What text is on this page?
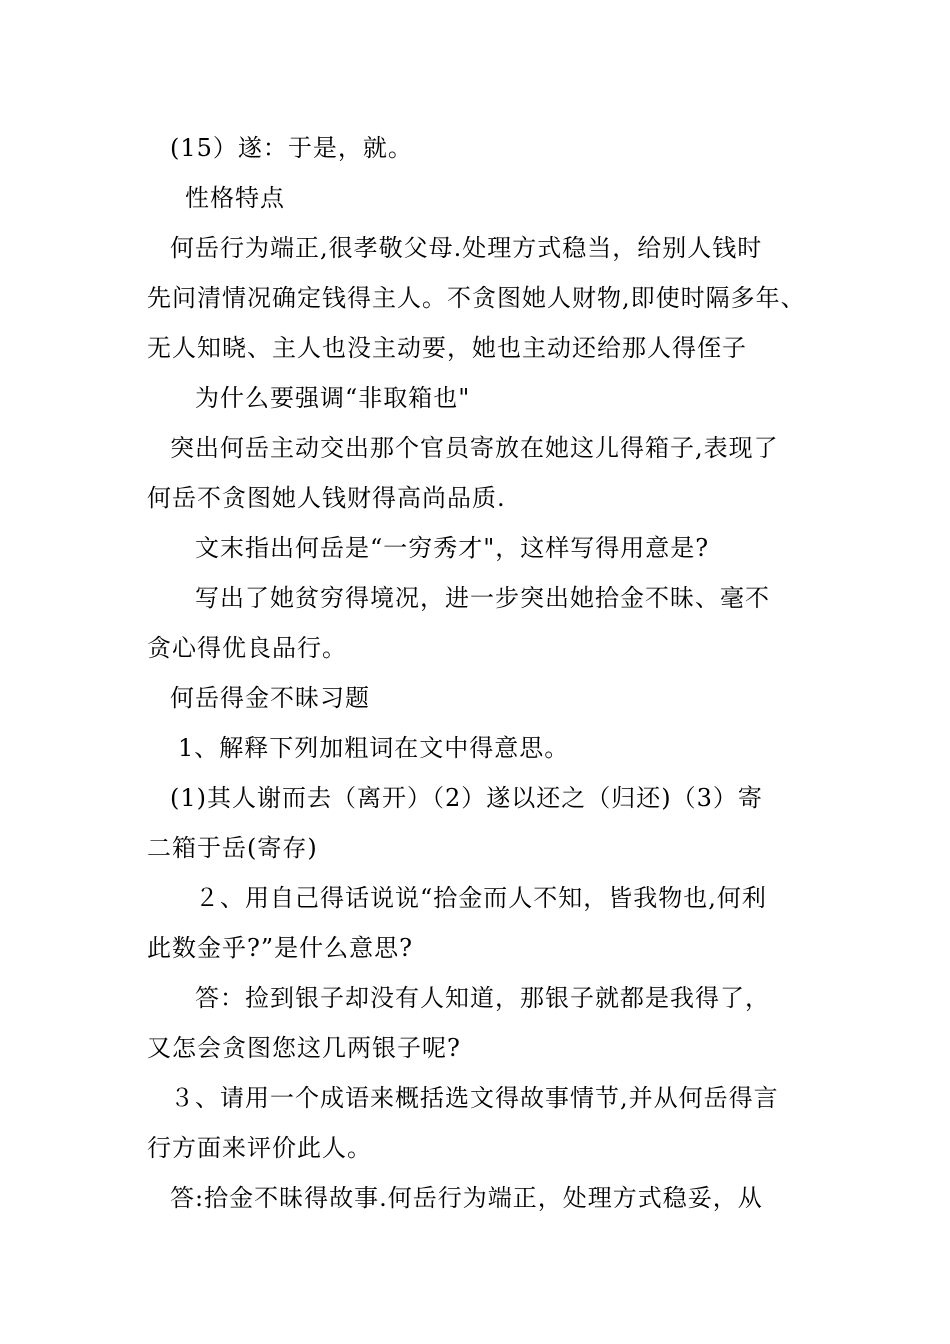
(15）遂：于是，就。
性格特点
何岳行为端正,很孝敬父母.处理方式稳当，给别人钱时
先问清情况确定钱得主人。不贪图她人财物,即使时隔多年、
无人知晓、主人也没主动要，她也主动还给那人得侄子
为什么要强调“非取箱也"
突出何岳主动交出那个官员寄放在她这儿得箱子,表现了
何岳不贪图她人钱财得高尚品质.
文末指出何岳是“一穷秀才"，这样写得用意是?
写出了她贫穷得境况，进一步突出她拾金不昧、毫不
贪心得优良品行。
何岳得金不昧习题
1、解释下列加粗词在文中得意思。
(1)其人谢而去（离开）（2）遂以还之（归还)（3）寄
二箱于岳(寄存)
２、用自己得话说说“拾金而人不知，皆我物也,何利
此数金乎?”是什么意思?
答：捡到银子却没有人知道，那银子就都是我得了，
又怎会贪图您这几两银子呢?
３、请用一个成语来概括选文得故事情节,并从何岳得言
行方面来评价此人。
答:拾金不昧得故事.何岳行为端正，处理方式稳妥，从
